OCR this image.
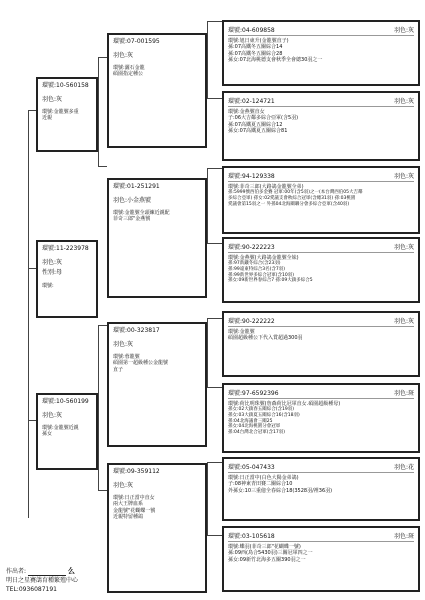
環號:10-560158
羽色:灰
環號:金龍號多重
近親
環號:11-223978
羽色:灰
性別:母
環號:
環號:10-560199
羽色:灰
環號:金龍號近親
孫女
環號:07-001595
羽色:灰
環號:灑石金龍
碩園指定種公
環號:01-251291
羽色:小金燕號
環號:金龍號全頭練近親配
菲奇三郎"金燕號
環號:00-323817
羽色:灰
環號:蓉龍號
碩園第一超級種公金龍號
直子
環號:09-359112
羽色:灰
環號:日正當中直女
兩大王牌血系
金龍號"花蝴蝶一號
近親特留種鴿
環號:04-609858	羽色:灰
環號:旭日東升(金龍號直子)
孫:07高鐵冬五關綜合14
孫:07高鐵冬五關綜合28
孫女:07北海桃德支會秋季全會總30羽之一
環號:02-124721	羽色:灰
環號:金燕號直女
子:06大吉鄰多綜合亞軍(含5羽)
孫:07高鐵夏五關綜合12
孫女:07高鐵夏五關綜合81
環號:94-129338	羽色:灰
環號:菲奇三郎(大路鴿金龍號全弟)
孫:5999號西伯多金賽 冠軍:00年(含5羽)之一(本台灣西伯05大吉鄰
多綜合亞軍) 孫女:02愛議支會秋綜合冠軍(含總31羽) 孫:03桃園
愛議會第15羽之一 外孫04北海關聯分會多綜合亞軍(含40羽)
環號:90-222223	羽色:灰
環號:金燕號(大路鴿金龍號全妹)
孫:97新鐵冬綜合(含23羽)
孫:99遠東特綜合3名(含7羽)
孫:99新世界多綜合冠軍(含10羽)
孫女:09新世界春綜合7 孫:09大鎮多綜合5
環號:90-222222	羽色:灰
環號:金龍號
碩園超級種公下代入賞超過300羽
環號:97-6592396	羽色:斑
環號:荷比明珠號(詹森荷比冠軍直女.碩園超級種母)
孫女:02大鎮春五關綜合(含19羽)
孫女:03大鎮夏五關綜合16(含18羽)
孫:04北海議會三關25
孫女:04北海桃園分會冠軍
孫:04台灣北合冠軍(含17羽)
環號:05-047433	羽色:花
環號:日正當中(白色大陽金弟鴿)
子:08神東青田賽二關綜合10
外孫女:10三重億全春綜合18(3528羽/裡36羽)
環號:03-105618	羽色:斑
環號:蝶羽(菲奇三郎"花蝴蝶一號)
孫:09西(鳥合5430羽)三關冠軍四之一
孫女:09新竹北海多五關390羽之一
作出者:	么
明日之星賽鴿育種繁殖中心
TEL:0936087191
